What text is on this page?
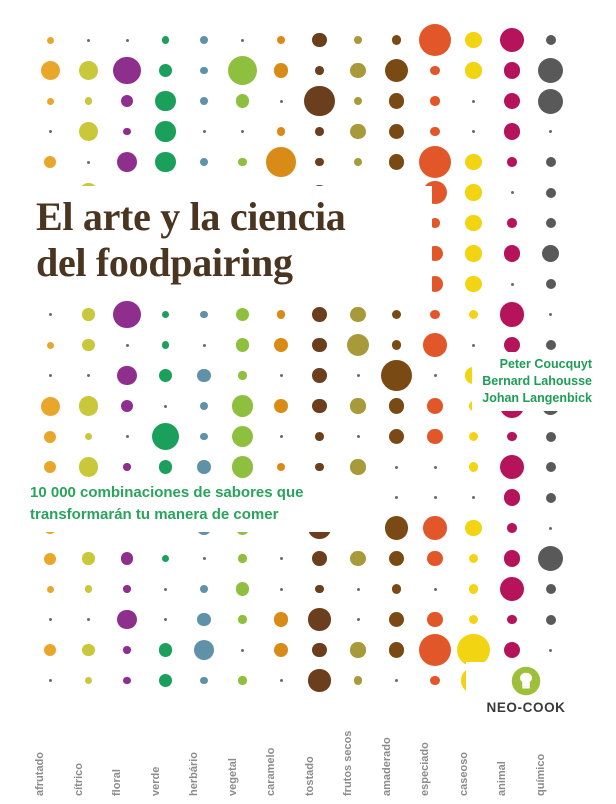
El arte y la ciencia
del foodpairing
Peter Coucquyt
Bernard Lahousse
Johan Langenbick
10 000 combinaciones de sabores que
transformarán tu manera de comer
NEO-COOK
afrutado cítrico floral verde herbário vegetal caramelo tostado frutos secos amaderado especiado caseoso animal químico
